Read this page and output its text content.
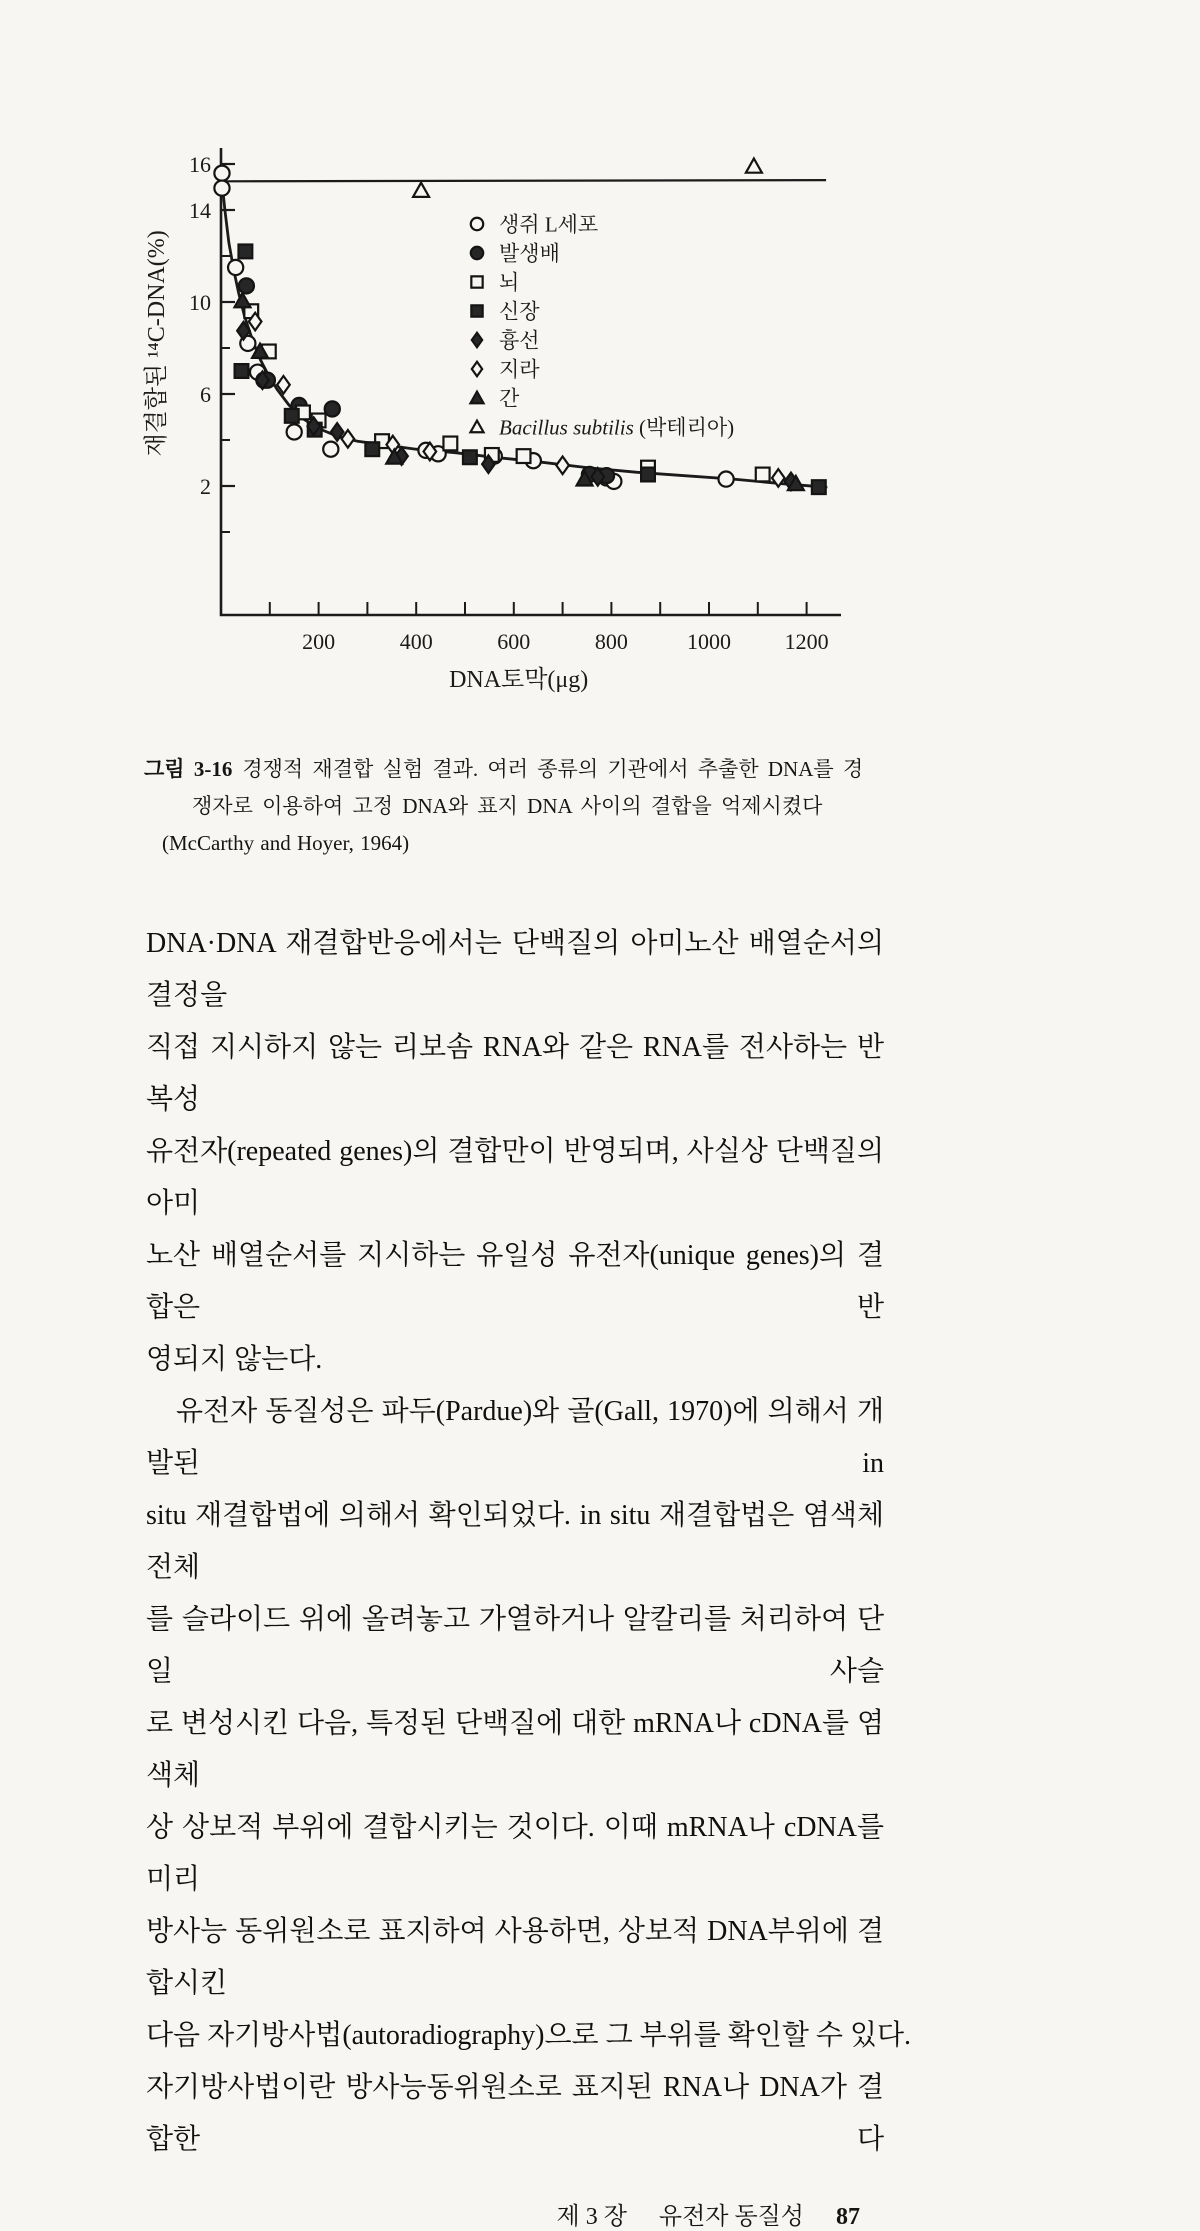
16
14
10
6
2
200	400	600	800	1000 1200
DNA토막(μg)
재결합된 ¹⁴C-DNA(%)
생쥐 L세포
발생배
뇌
신장
흉선
지라
간
Bacillus subtilis (박테리아)
그림 3-16 경쟁적 재결합 실험 결과. 여러 종류의 기관에서 추출한 DNA를 경
쟁자로 이용하여 고정 DNA와 표지 DNA 사이의 결합을 억제시켰다
(McCarthy and Hoyer, 1964)
DNA·DNA 재결합반응에서는 단백질의 아미노산 배열순서의 결정을
직접 지시하지 않는 리보솜 RNA와 같은 RNA를 전사하는 반복성
유전자(repeated genes)의 결합만이 반영되며, 사실상 단백질의 아미
노산 배열순서를 지시하는 유일성 유전자(unique genes)의 결합은 반
영되지 않는다.
유전자 동질성은 파두(Pardue)와 골(Gall, 1970)에 의해서 개발된 in
situ 재결합법에 의해서 확인되었다. in situ 재결합법은 염색체 전체
를 슬라이드 위에 올려놓고 가열하거나 알칼리를 처리하여 단일 사슬
로 변성시킨 다음, 특정된 단백질에 대한 mRNA나 cDNA를 염색체
상 상보적 부위에 결합시키는 것이다. 이때 mRNA나 cDNA를 미리
방사능 동위원소로 표지하여 사용하면, 상보적 DNA부위에 결합시킨
다음 자기방사법(autoradiography)으로 그 부위를 확인할 수 있다.
자기방사법이란 방사능동위원소로 표지된 RNA나 DNA가 결합한 다
제 3 장 유전자 동질성 87
